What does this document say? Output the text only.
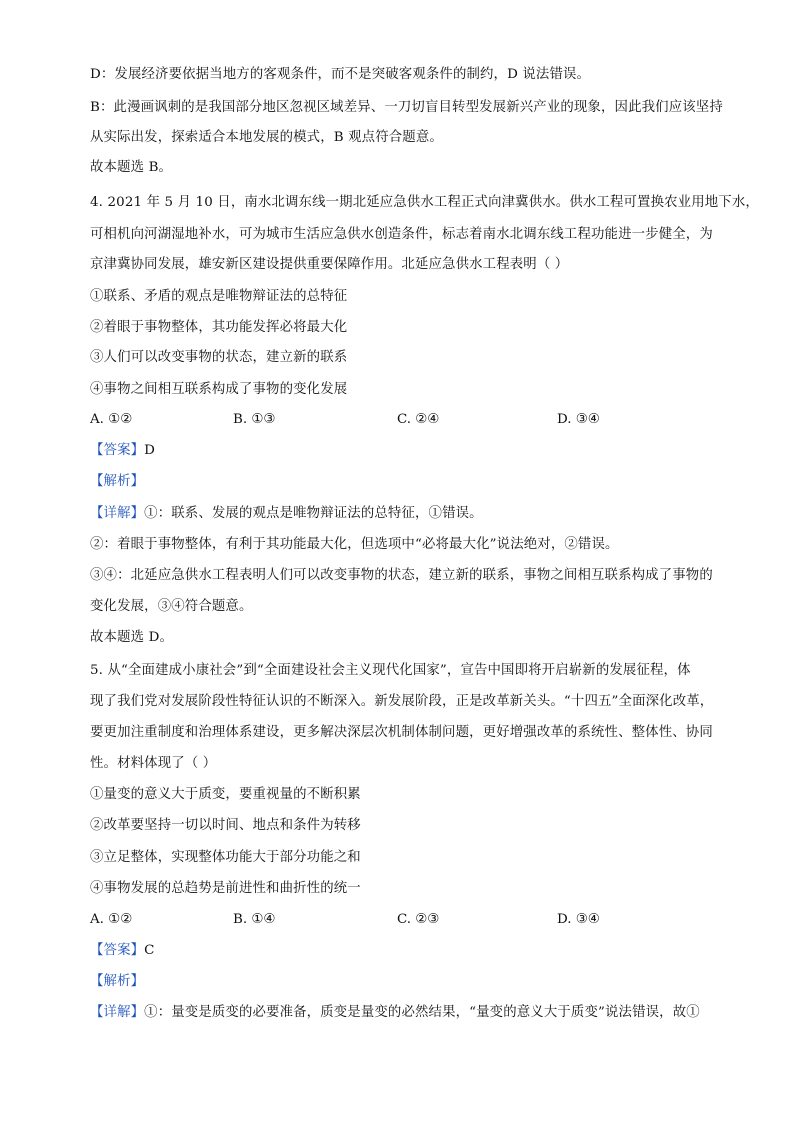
D：发展经济要依据当地方的客观条件，而不是突破客观条件的制约，D 说法错误。
B：此漫画讽刺的是我国部分地区忽视区域差异、一刀切盲目转型发展新兴产业的现象，因此我们应该坚持
从实际出发，探索适合本地发展的模式，B 观点符合题意。
故本题选 B。
4. 2021 年 5 月 10 日，南水北调东线一期北延应急供水工程正式向津冀供水。供水工程可置换农业用地下水，
可相机向河湖湿地补水，可为城市生活应急供水创造条件，标志着南水北调东线工程功能进一步健全，为
京津冀协同发展，雄安新区建设提供重要保障作用。北延应急供水工程表明（ ）
①联系、矛盾的观点是唯物辩证法的总特征
②着眼于事物整体，其功能发挥必将最大化
③人们可以改变事物的状态，建立新的联系
④事物之间相互联系构成了事物的变化发展
A. ①②	B. ①③	C. ②④	D. ③④
【答案】D
【解析】
【详解】①：联系、发展的观点是唯物辩证法的总特征，①错误。
②：着眼于事物整体，有利于其功能最大化，但选项中“必将最大化”说法绝对，②错误。
③④：北延应急供水工程表明人们可以改变事物的状态，建立新的联系，事物之间相互联系构成了事物的
变化发展，③④符合题意。
故本题选 D。
5. 从“全面建成小康社会”到“全面建设社会主义现代化国家”，宣告中国即将开启崭新的发展征程，体
现了我们党对发展阶段性特征认识的不断深入。新发展阶段，正是改革新关头。“十四五”全面深化改革，
要更加注重制度和治理体系建设，更多解决深层次机制体制问题，更好增强改革的系统性、整体性、协同
性。材料体现了（ ）
①量变的意义大于质变，要重视量的不断积累
②改革要坚持一切以时间、地点和条件为转移
③立足整体，实现整体功能大于部分功能之和
④事物发展的总趋势是前进性和曲折性的统一
A. ①②	B. ①④	C. ②③	D. ③④
【答案】C
【解析】
【详解】①：量变是质变的必要准备，质变是量变的必然结果，“量变的意义大于质变”说法错误，故①
